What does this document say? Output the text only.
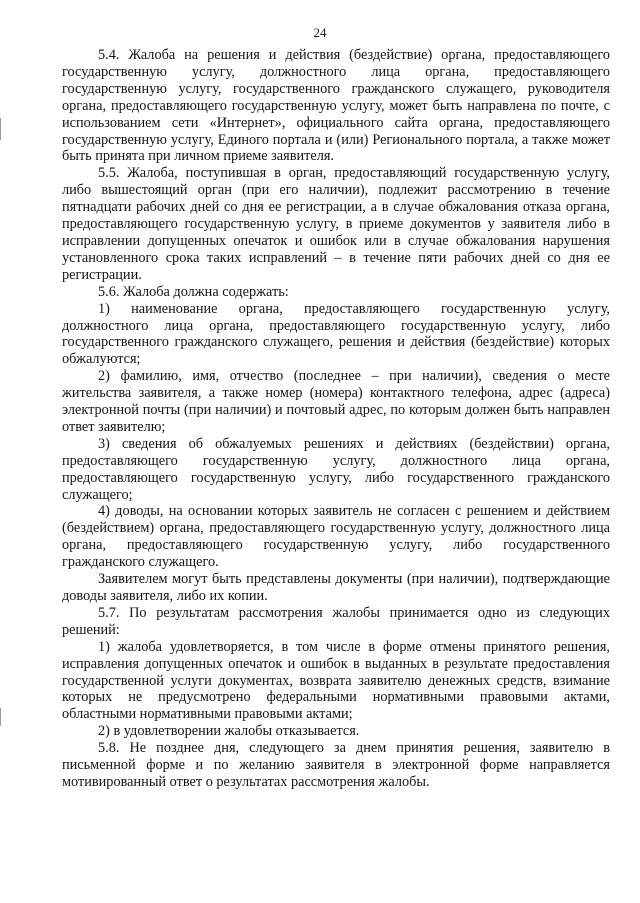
24

5.4. Жалоба на решения и действия (бездействие) органа, предоставляющего государственную услугу, должностного лица органа, предоставляющего государственную услугу, государственного гражданского служащего, руководителя органа, предоставляющего государственную услугу, может быть направлена по почте, с использованием сети «Интернет», официального сайта органа, предоставляющего государственную услугу, Единого портала и (или) Регионального портала, а также может быть принята при личном приеме заявителя.

5.5. Жалоба, поступившая в орган, предоставляющий государственную услугу, либо вышестоящий орган (при его наличии), подлежит рассмотрению в течение пятнадцати рабочих дней со дня ее регистрации, а в случае обжалования отказа органа, предоставляющего государственную услугу, в приеме документов у заявителя либо в исправлении допущенных опечаток и ошибок или в случае обжалования нарушения установленного срока таких исправлений – в течение пяти рабочих дней со дня ее регистрации.

5.6. Жалоба должна содержать:

1) наименование органа, предоставляющего государственную услугу, должностного лица органа, предоставляющего государственную услугу, либо государственного гражданского служащего, решения и действия (бездействие) которых обжалуются;

2) фамилию, имя, отчество (последнее – при наличии), сведения о месте жительства заявителя, а также номер (номера) контактного телефона, адрес (адреса) электронной почты (при наличии) и почтовый адрес, по которым должен быть направлен ответ заявителю;

3) сведения об обжалуемых решениях и действиях (бездействии) органа, предоставляющего государственную услугу, должностного лица органа, предоставляющего государственную услугу, либо государственного гражданского служащего;

4) доводы, на основании которых заявитель не согласен с решением и действием (бездействием) органа, предоставляющего государственную услугу, должностного лица органа, предоставляющего государственную услугу, либо государственного гражданского служащего.

Заявителем могут быть представлены документы (при наличии), подтверждающие доводы заявителя, либо их копии.

5.7. По результатам рассмотрения жалобы принимается одно из следующих решений:

1) жалоба удовлетворяется, в том числе в форме отмены принятого решения, исправления допущенных опечаток и ошибок в выданных в результате предоставления государственной услуги документах, возврата заявителю денежных средств, взимание которых не предусмотрено федеральными нормативными правовыми актами, областными нормативными правовыми актами;

2) в удовлетворении жалобы отказывается.

5.8. Не позднее дня, следующего за днем принятия решения, заявителю в письменной форме и по желанию заявителя в электронной форме направляется мотивированный ответ о результатах рассмотрения жалобы.
